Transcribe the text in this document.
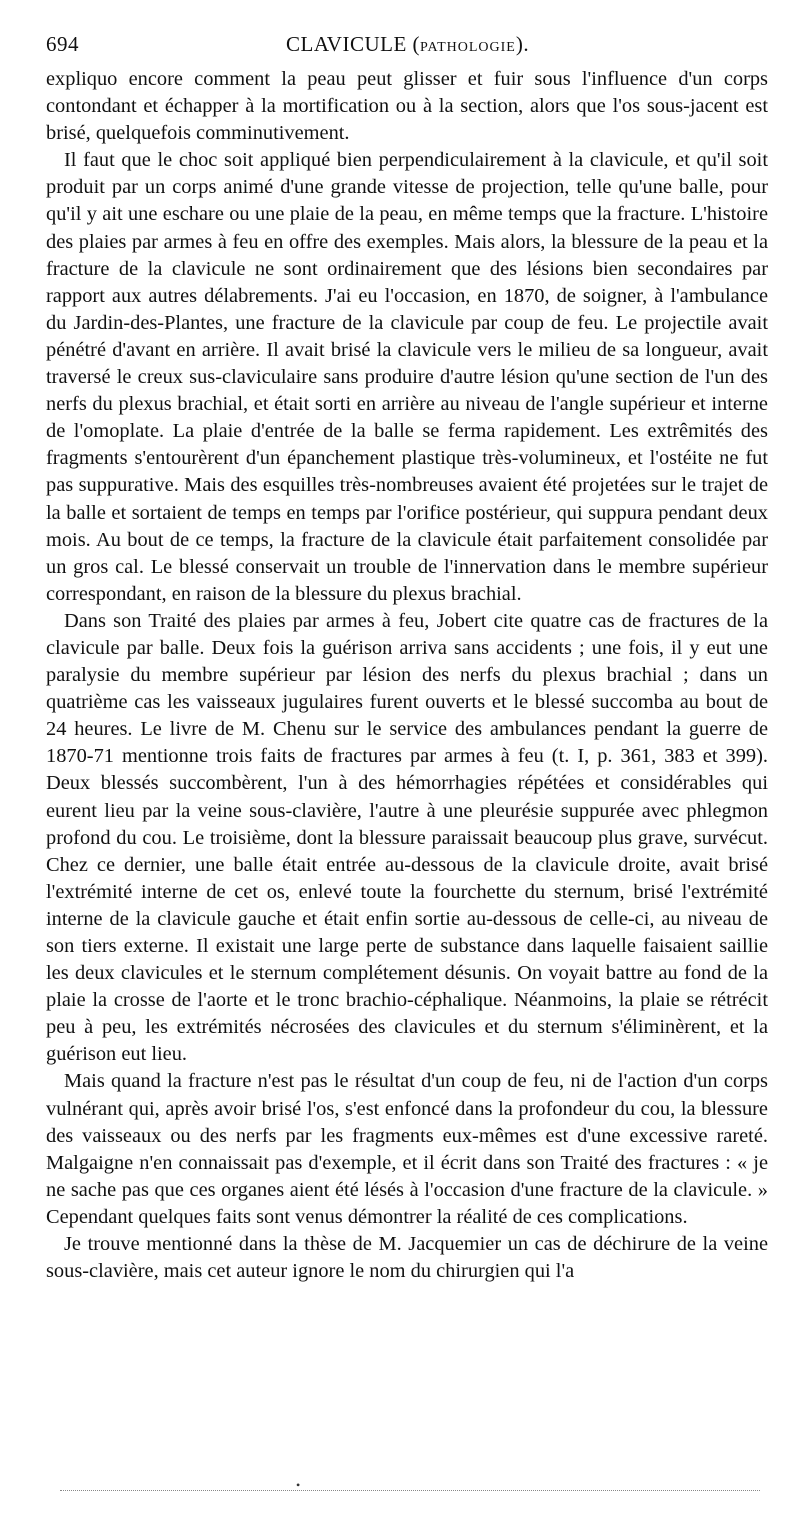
694	CLAVICULE (PATHOLOGIE).

expliquo encore comment la peau peut glisser et fuir sous l'influence d'un corps contondant et échapper à la mortification ou à la section, alors que l'os sous-jacent est brisé, quelquefois comminutivement.

Il faut que le choc soit appliqué bien perpendiculairement à la clavicule, et qu'il soit produit par un corps animé d'une grande vitesse de projection, telle qu'une balle, pour qu'il y ait une eschare ou une plaie de la peau, en même temps que la fracture. L'histoire des plaies par armes à feu en offre des exemples. Mais alors, la blessure de la peau et la fracture de la clavicule ne sont ordinairement que des lésions bien secondaires par rapport aux autres délabrements. J'ai eu l'occasion, en 1870, de soigner, à l'ambulance du Jardin-des-Plantes, une fracture de la clavicule par coup de feu. Le projectile avait pénétré d'avant en arrière. Il avait brisé la clavicule vers le milieu de sa longueur, avait traversé le creux sus-claviculaire sans produire d'autre lésion qu'une section de l'un des nerfs du plexus brachial, et était sorti en arrière au niveau de l'angle supérieur et interne de l'omoplate. La plaie d'entrée de la balle se ferma rapidement. Les extrêmités des fragments s'entourèrent d'un épanchement plastique très-volumineux, et l'ostéite ne fut pas suppurative. Mais des esquilles très-nombreuses avaient été projetées sur le trajet de la balle et sortaient de temps en temps par l'orifice postérieur, qui suppura pendant deux mois. Au bout de ce temps, la fracture de la clavicule était parfaitement consolidée par un gros cal. Le blessé conservait un trouble de l'innervation dans le membre supérieur correspondant, en raison de la blessure du plexus brachial.

Dans son Traité des plaies par armes à feu, Jobert cite quatre cas de fractures de la clavicule par balle. Deux fois la guérison arriva sans accidents ; une fois, il y eut une paralysie du membre supérieur par lésion des nerfs du plexus brachial ; dans un quatrième cas les vaisseaux jugulaires furent ouverts et le blessé succomba au bout de 24 heures. Le livre de M. Chenu sur le service des ambulances pendant la guerre de 1870-71 mentionne trois faits de fractures par armes à feu (t. I, p. 361, 383 et 399). Deux blessés succombèrent, l'un à des hémorrhagies répétées et considérables qui eurent lieu par la veine sous-clavière, l'autre à une pleurésie suppurée avec phlegmon profond du cou. Le troisième, dont la blessure paraissait beaucoup plus grave, survécut. Chez ce dernier, une balle était entrée au-dessous de la clavicule droite, avait brisé l'extrémité interne de cet os, enlevé toute la fourchette du sternum, brisé l'extrémité interne de la clavicule gauche et était enfin sortie au-dessous de celle-ci, au niveau de son tiers externe. Il existait une large perte de substance dans laquelle faisaient saillie les deux clavicules et le sternum complétement désunis. On voyait battre au fond de la plaie la crosse de l'aorte et le tronc brachio-céphalique. Néanmoins, la plaie se rétrécit peu à peu, les extrémités nécrosées des clavicules et du sternum s'éliminèrent, et la guérison eut lieu.

Mais quand la fracture n'est pas le résultat d'un coup de feu, ni de l'action d'un corps vulnérant qui, après avoir brisé l'os, s'est enfoncé dans la profondeur du cou, la blessure des vaisseaux ou des nerfs par les fragments eux-mêmes est d'une excessive rareté. Malgaigne n'en connaissait pas d'exemple, et il écrit dans son Traité des fractures : « je ne sache pas que ces organes aient été lésés à l'occasion d'une fracture de la clavicule. » Cependant quelques faits sont venus démontrer la réalité de ces complications.

Je trouve mentionné dans la thèse de M. Jacquemier un cas de déchirure de la veine sous-clavière, mais cet auteur ignore le nom du chirurgien qui l'a

•
